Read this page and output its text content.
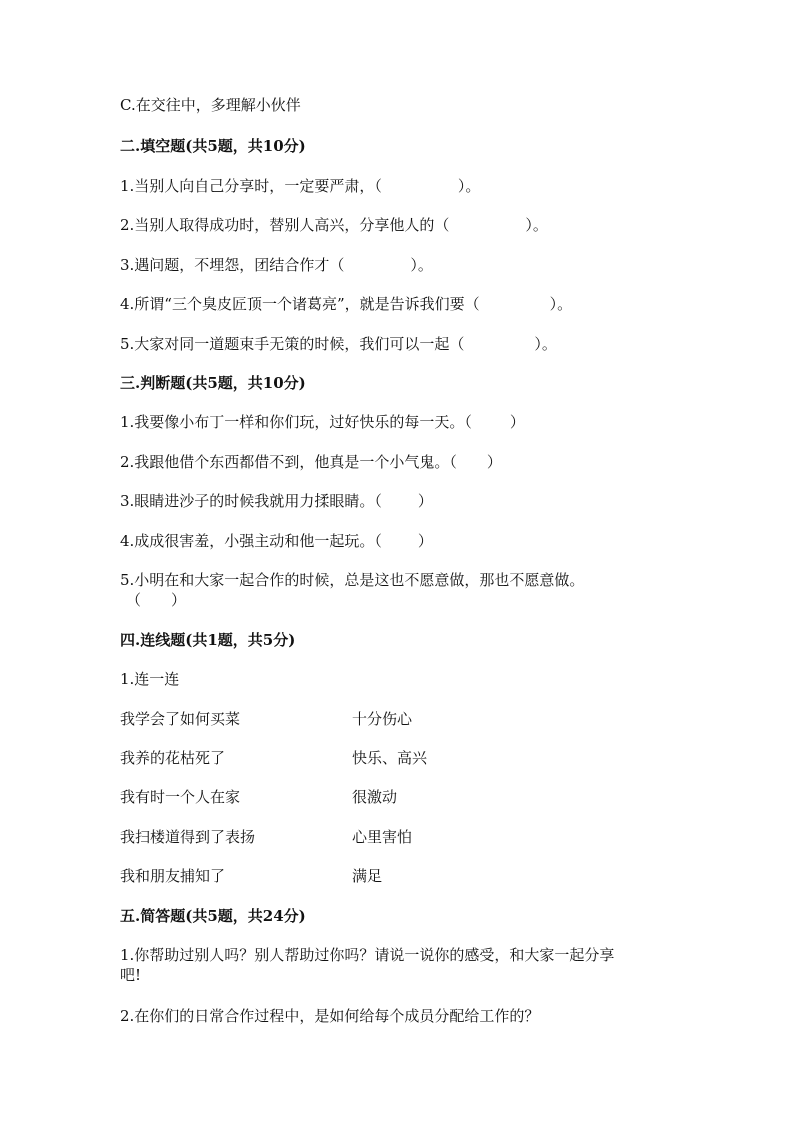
C.在交往中，多理解小伙伴
二.填空题(共5题，共10分)
1.当别人向自己分享时，一定要严肃，（	）。
2.当别人取得成功时，替别人高兴，分享他人的（	）。
3.遇问题，不埋怨，团结合作才（	）。
4.所谓“三个臭皮匠顶一个诸葛亮”，就是告诉我们要（	）。
5.大家对同一道题束手无策的时候，我们可以一起（	）。
三.判断题(共5题，共10分)
1.我要像小布丁一样和你们玩，过好快乐的每一天。（	）
2.我跟他借个东西都借不到，他真是一个小气鬼。（ ）
3.眼睛进沙子的时候我就用力揉眼睛。（ ）
4.成成很害羞，小强主动和他一起玩。（ ）
5.小明在和大家一起合作的时候，总是这也不愿意做，那也不愿意做。
（ ）
四.连线题(共1题，共5分)
1.连一连
我学会了如何买菜	十分伤心
我养的花枯死了	快乐、高兴
我有时一个人在家	很激动
我扫楼道得到了表扬	心里害怕
我和朋友捕知了	满足
五.简答题(共5题，共24分)
1.你帮助过别人吗？别人帮助过你吗？请说一说你的感受，和大家一起分享
吧!
2.在你们的日常合作过程中，是如何给每个成员分配给工作的？
